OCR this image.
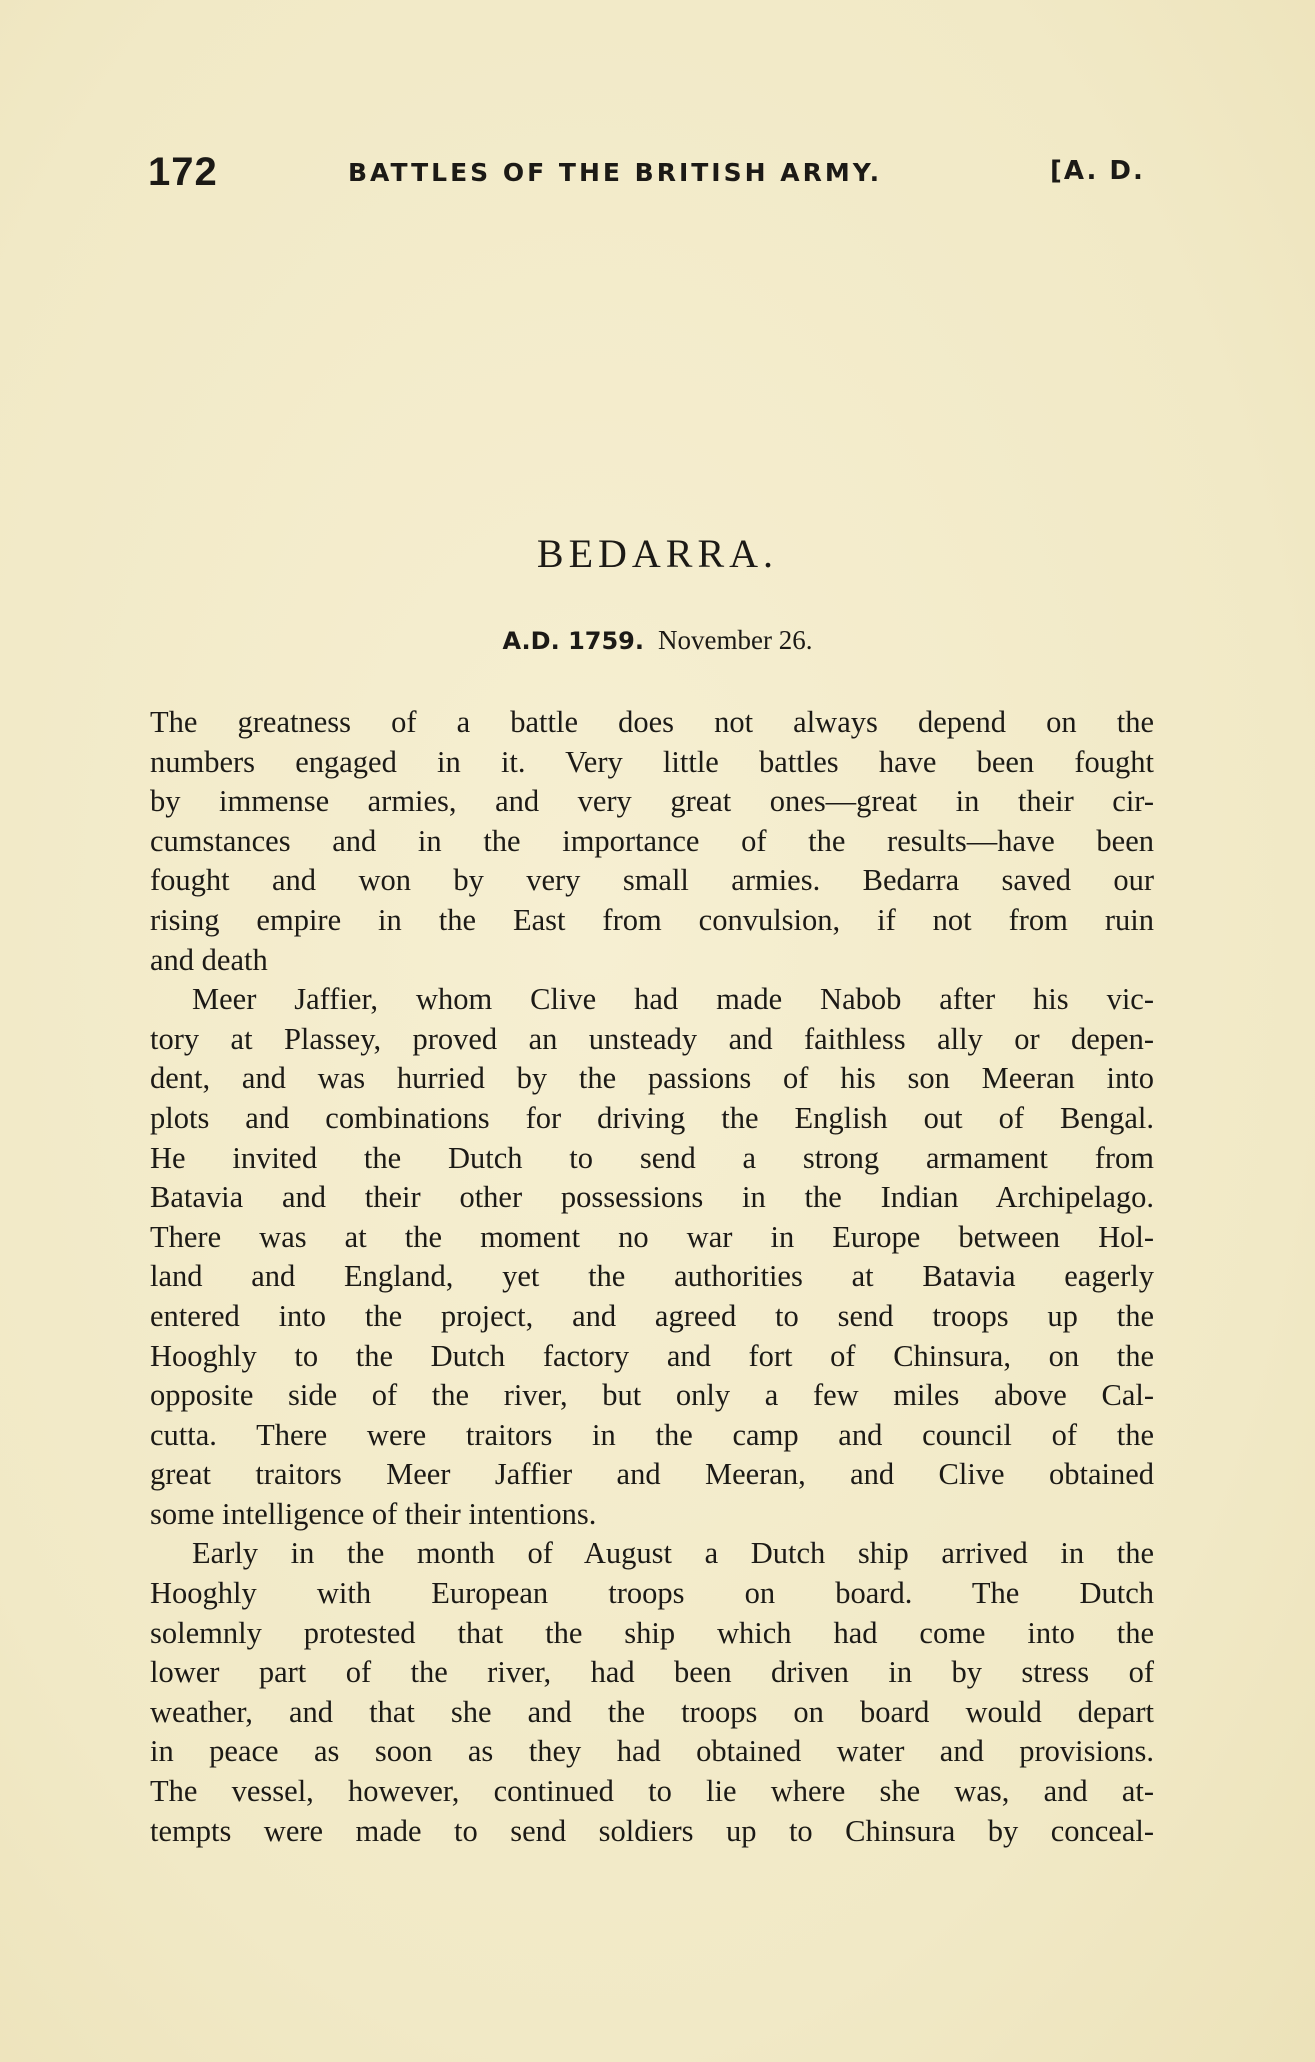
172	BATTLES OF THE BRITISH ARMY.	[A. D.
BEDARRA.
A.D. 1759. November 26.
The greatness of a battle does not always depend on the
numbers engaged in it. Very little battles have been fought
by immense armies, and very great ones—great in their cir-
cumstances and in the importance of the results—have been
fought and won by very small armies. Bedarra saved our
rising empire in the East from convulsion, if not from ruin
and death
Meer Jaffier, whom Clive had made Nabob after his vic-
tory at Plassey, proved an unsteady and faithless ally or depen-
dent, and was hurried by the passions of his son Meeran into
plots and combinations for driving the English out of Bengal.
He invited the Dutch to send a strong armament from
Batavia and their other possessions in the Indian Archipelago.
There was at the moment no war in Europe between Hol-
land and England, yet the authorities at Batavia eagerly
entered into the project, and agreed to send troops up the
Hooghly to the Dutch factory and fort of Chinsura, on the
opposite side of the river, but only a few miles above Cal-
cutta. There were traitors in the camp and council of the
great traitors Meer Jaffier and Meeran, and Clive obtained
some intelligence of their intentions.
Early in the month of August a Dutch ship arrived in the
Hooghly with European troops on board. The Dutch
solemnly protested that the ship which had come into the
lower part of the river, had been driven in by stress of
weather, and that she and the troops on board would depart
in peace as soon as they had obtained water and provisions.
The vessel, however, continued to lie where she was, and at-
tempts were made to send soldiers up to Chinsura by conceal-
